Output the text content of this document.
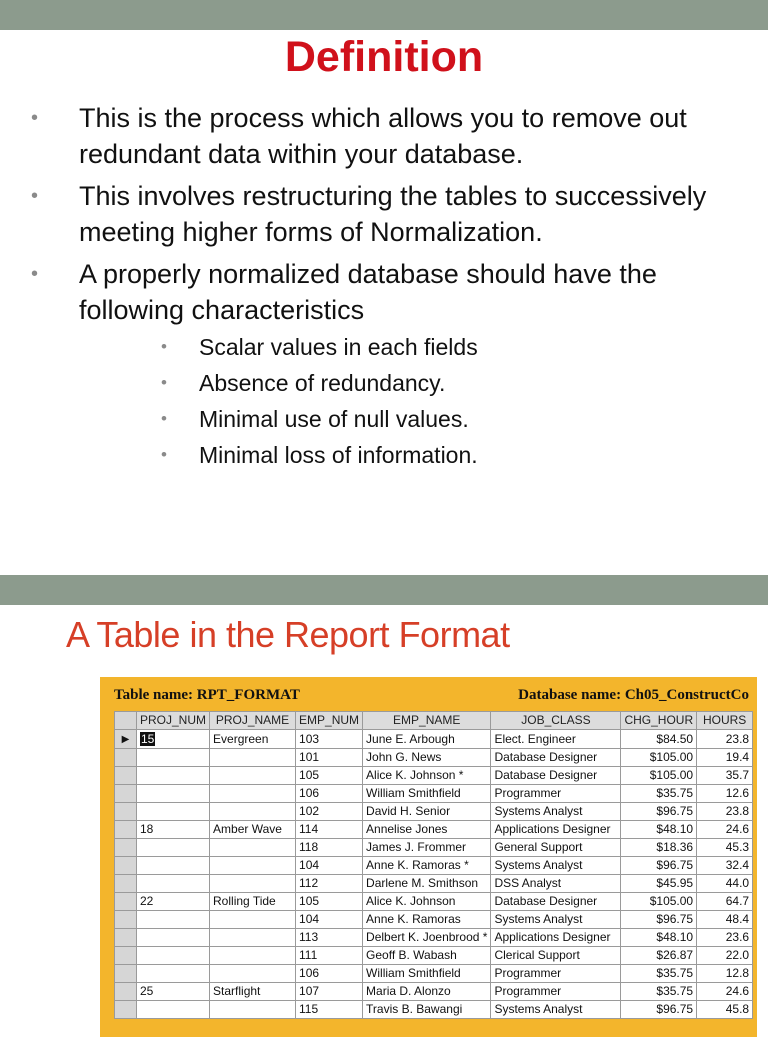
Definition
• This is the process which allows you to remove out redundant data within your database.
• This involves restructuring the tables to successively meeting higher forms of Normalization.
• A properly normalized database should have the following characteristics
• Scalar values in each fields
• Absence of redundancy.
• Minimal use of null values.
• Minimal loss of information.
A Table in the Report Format
Table name: RPT_FORMAT	Database name: Ch05_ConstructCo
	PROJ_NUM	PROJ_NAME	EMP_NUM	EMP_NAME	JOB_CLASS	CHG_HOUR	HOURS
▶	15	Evergreen	103	June E. Arbough	Elect. Engineer	$84.50	23.8
			101	John G. News	Database Designer	$105.00	19.4
			105	Alice K. Johnson *	Database Designer	$105.00	35.7
			106	William Smithfield	Programmer	$35.75	12.6
			102	David H. Senior	Systems Analyst	$96.75	23.8
	18	Amber Wave	114	Annelise Jones	Applications Designer	$48.10	24.6
			118	James J. Frommer	General Support	$18.36	45.3
			104	Anne K. Ramoras *	Systems Analyst	$96.75	32.4
			112	Darlene M. Smithson	DSS Analyst	$45.95	44.0
	22	Rolling Tide	105	Alice K. Johnson	Database Designer	$105.00	64.7
			104	Anne K. Ramoras	Systems Analyst	$96.75	48.4
			113	Delbert K. Joenbrood *	Applications Designer	$48.10	23.6
			111	Geoff B. Wabash	Clerical Support	$26.87	22.0
			106	William Smithfield	Programmer	$35.75	12.8
	25	Starflight	107	Maria D. Alonzo	Programmer	$35.75	24.6
			115	Travis B. Bawangi	Systems Analyst	$96.75	45.8
